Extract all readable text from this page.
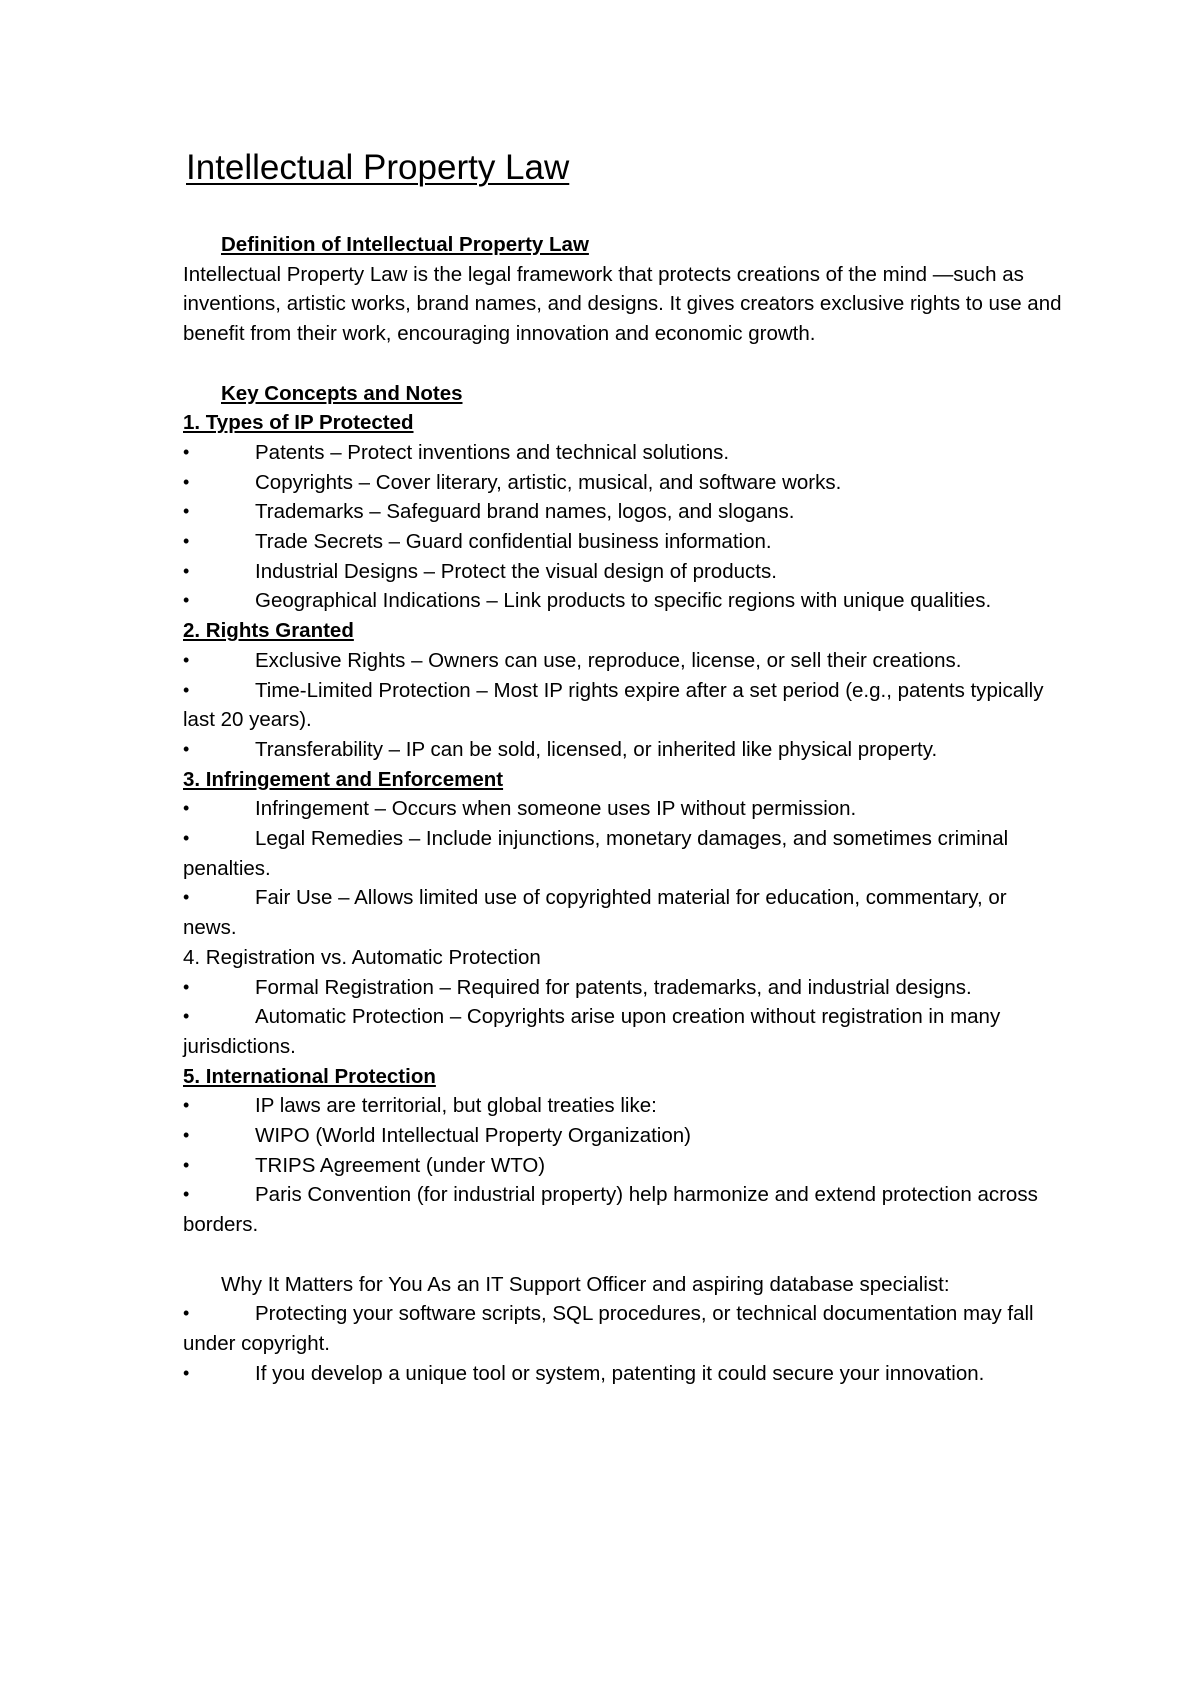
Intellectual Property Law

Definition of Intellectual Property Law

Intellectual Property Law is the legal framework that protects creations of the mind —such as inventions, artistic works, brand names, and designs. It gives creators exclusive rights to use and benefit from their work, encouraging innovation and economic growth.

Key Concepts and Notes

1. Types of IP Protected

•	Patents – Protect inventions and technical solutions.

•	Copyrights – Cover literary, artistic, musical, and software works.

•	Trademarks – Safeguard brand names, logos, and slogans.

•	Trade Secrets – Guard confidential business information.

•	Industrial Designs – Protect the visual design of products.

•	Geographical Indications – Link products to specific regions with unique qualities.

2. Rights Granted

•	Exclusive Rights – Owners can use, reproduce, license, or sell their creations.

•	Time-Limited Protection – Most IP rights expire after a set period (e.g., patents typically last 20 years).

•	Transferability – IP can be sold, licensed, or inherited like physical property.

3. Infringement and Enforcement

•	Infringement – Occurs when someone uses IP without permission.

•	Legal Remedies – Include injunctions, monetary damages, and sometimes criminal penalties.

•	Fair Use – Allows limited use of copyrighted material for education, commentary, or news.

4. Registration vs. Automatic Protection

•	Formal Registration – Required for patents, trademarks, and industrial designs.

•	Automatic Protection – Copyrights arise upon creation without registration in many jurisdictions.

5. International Protection

•	IP laws are territorial, but global treaties like:

•	WIPO (World Intellectual Property Organization)

•	TRIPS Agreement (under WTO)

•	Paris Convention (for industrial property) help harmonize and extend protection across borders.

Why It Matters for You As an IT Support Officer and aspiring database specialist:

•	Protecting your software scripts, SQL procedures, or technical documentation may fall under copyright.

•	If you develop a unique tool or system, patenting it could secure your innovation.
